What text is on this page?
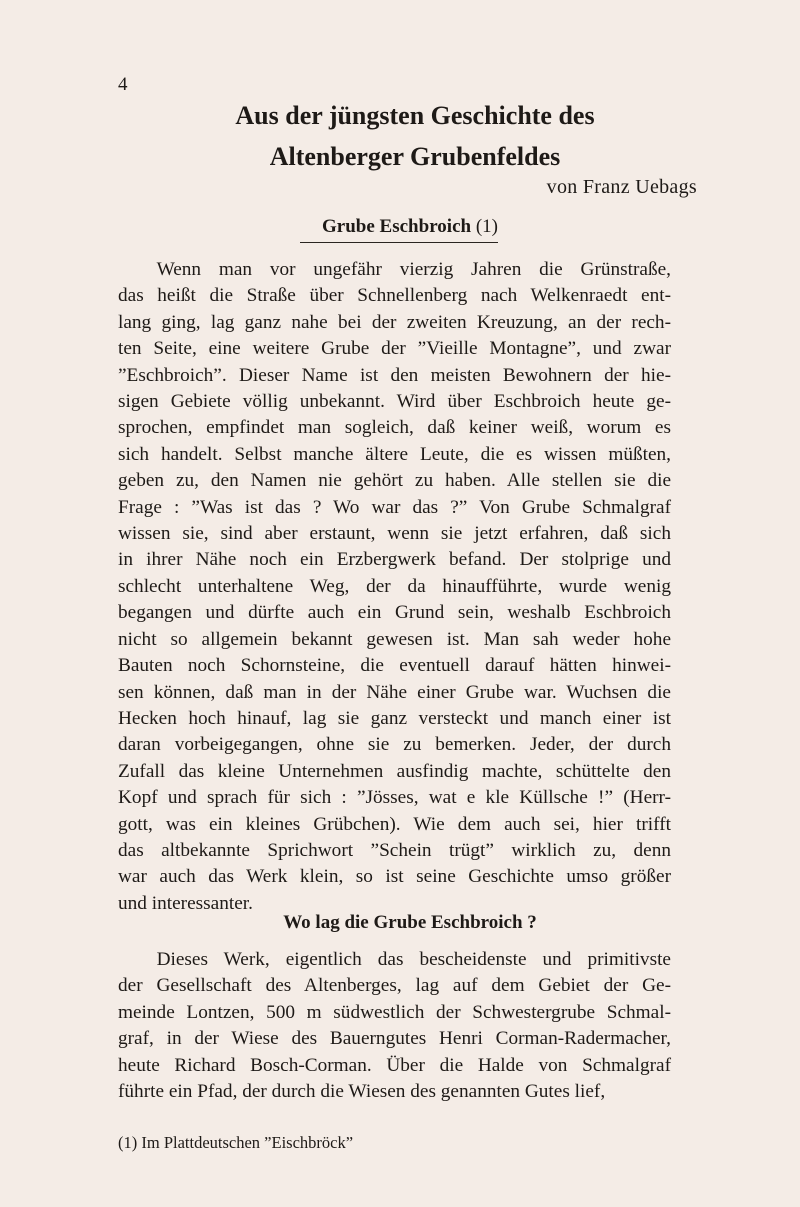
4
Aus der jüngsten Geschichte des
Altenberger Grubenfeldes
von Franz Uebags
Grube Eschbroich (1)
  Wenn man vor ungefähr vierzig Jahren die Grünstraße,
das heißt die Straße über Schnellenberg nach Welkenraedt ent-
lang ging, lag ganz nahe bei der zweiten Kreuzung, an der rech-
ten Seite, eine weitere Grube der ”Vieille Montagne”, und zwar
”Eschbroich”. Dieser Name ist den meisten Bewohnern der hie-
sigen Gebiete völlig unbekannt. Wird über Eschbroich heute ge-
sprochen, empfindet man sogleich, daß keiner weiß, worum es
sich handelt. Selbst manche ältere Leute, die es wissen müßten,
geben zu, den Namen nie gehört zu haben. Alle stellen sie die
Frage : ”Was ist das ? Wo war das ?” Von Grube Schmalgraf
wissen sie, sind aber erstaunt, wenn sie jetzt erfahren, daß sich
in ihrer Nähe noch ein Erzbergwerk befand. Der stolprige und
schlecht unterhaltene Weg, der da hinaufführte, wurde wenig
begangen und dürfte auch ein Grund sein, weshalb Eschbroich
nicht so allgemein bekannt gewesen ist. Man sah weder hohe
Bauten noch Schornsteine, die eventuell darauf hätten hinwei-
sen können, daß man in der Nähe einer Grube war. Wuchsen die
Hecken hoch hinauf, lag sie ganz versteckt und manch einer ist
daran vorbeigegangen, ohne sie zu bemerken. Jeder, der durch
Zufall das kleine Unternehmen ausfindig machte, schüttelte den
Kopf und sprach für sich : ”Jösses, wat e kle Küllsche !” (Herr-
gott, was ein kleines Grübchen). Wie dem auch sei, hier trifft
das altbekannte Sprichwort ”Schein trügt” wirklich zu, denn
war auch das Werk klein, so ist seine Geschichte umso größer
und interessanter.
Wo lag die Grube Eschbroich ?
  Dieses Werk, eigentlich das bescheidenste und primitivste
der Gesellschaft des Altenberges, lag auf dem Gebiet der Ge-
meinde Lontzen, 500 m südwestlich der Schwestergrube Schmal-
graf, in der Wiese des Bauerngutes Henri Corman-Radermacher,
heute Richard Bosch-Corman. Über die Halde von Schmalgraf
führte ein Pfad, der durch die Wiesen des genannten Gutes lief,
(1) Im Plattdeutschen ”Eischbröck”
